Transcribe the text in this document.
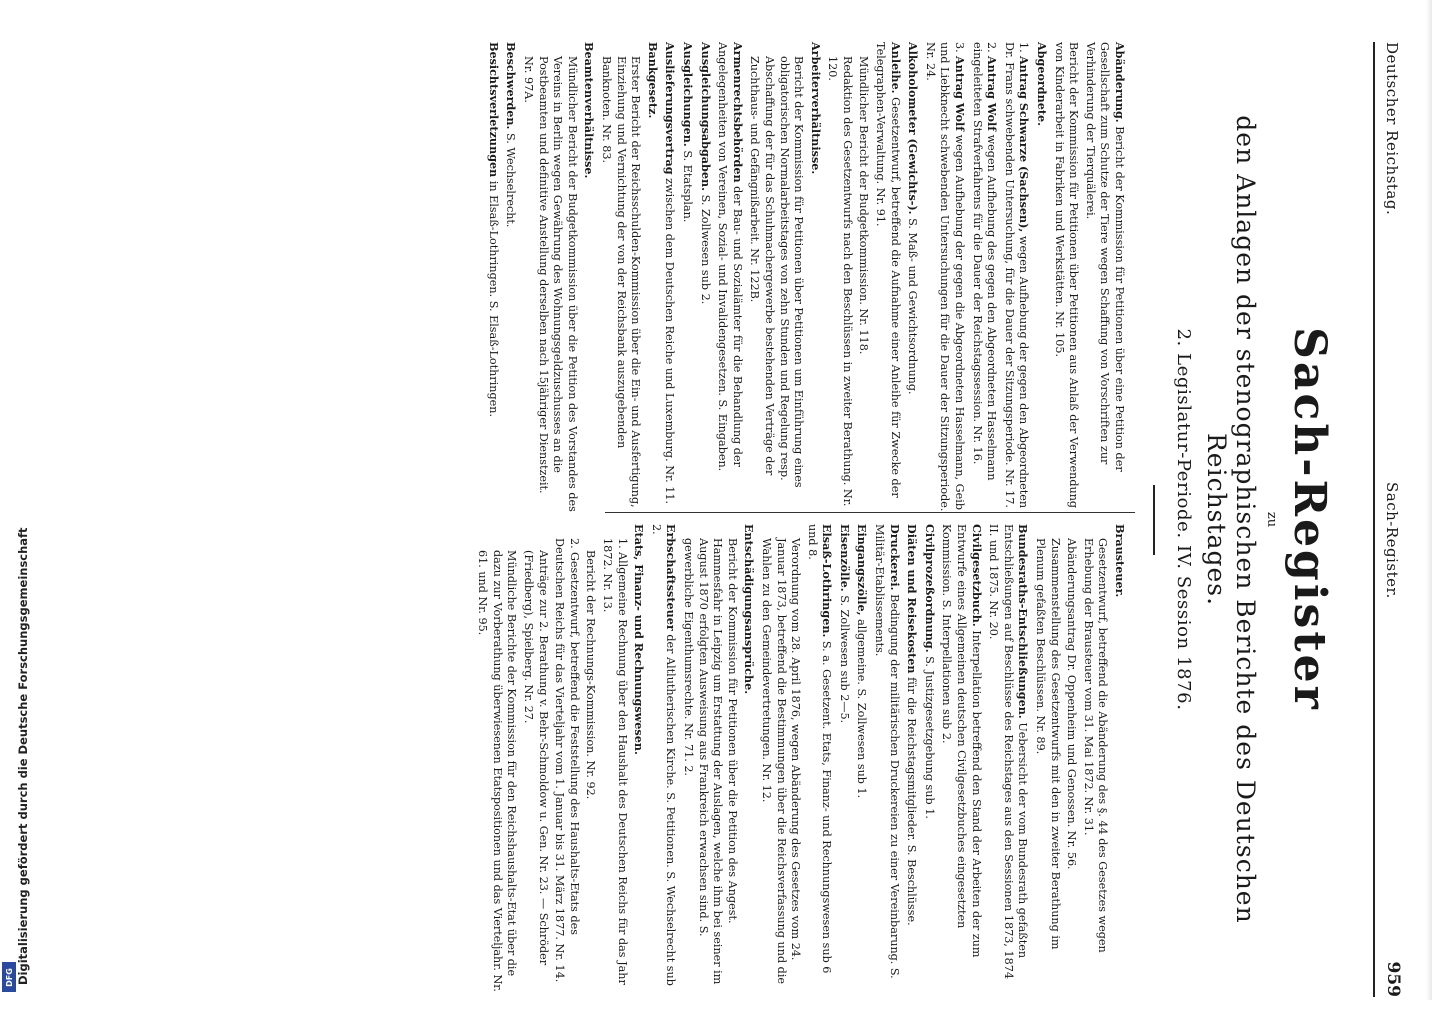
Deutscher Reichstag.
Sach-Register.
959
Sach-Register
zu
den Anlagen der stenographischen Berichte des Deutschen Reichstages.
2. Legislatur-Periode. IV. Session 1876.
Abänderung. Bericht der Kommission für Petitionen über eine Petition der Gesellschaft zum Schutze der Tiere wegen Schaffung von Vorschriften zur Verhinderung der Tierquälerei.
Bericht der Kommission für Petitionen über Petitionen aus Anlaß der Verwendung von Kinderarbeit in Fabriken und Werkstätten. Nr. 105.
Abgeordnete.
1.Antrag Schwarze (Sachsen), wegen Aufhebung der gegen den Abgeordneten Dr. Frans schwebenden Untersuchung, für die Dauer der Sitzungsperiode. Nr. 17.
2.Antrag Wolf wegen Aufhebung des gegen den Abgeordneten Hasselmann eingeleiteten Strafverfahrens für die Dauer der Reichstagssession. Nr. 16.
3.Antrag Wolf wegen Aufhebung der gegen die Abgeordneten Hasselmann, Geib und Liebknecht schwebenden Untersuchungen für die Dauer der Sitzungsperiode. Nr. 24.
Alkoholometer (Gewichts-). S. Maß- und Gewichtsordnung.
Anleihe. Gesetzentwurf, betreffend die Aufnahme einer Anleihe für Zwecke der Telegraphen-Verwaltung. Nr. 91.
Mündlicher Bericht der Budgetkommission. Nr. 118.
Redaktion des Gesetzentwurfs nach den Beschlüssen in zweiter Berathung. Nr. 120.
Arbeiterverhältnisse.
Bericht der Kommission für Petitionen über Petitionen um Einführung eines obligatorischen Normalarbeitstages von zehn Stunden und Regelung resp. Abschaffung der für das Schuhmachergewerbe bestehenden Verträge der Zuchthaus- und Gefängnißarbeit. Nr. 122B.
Armenrechtsbehörden der Bau- und Sozialämter für die Behandlung der Angelegenheiten von Vereinen, Sozial- und Invalidengesetzen. S. Eingaben.
Ausgleichungsabgaben. S. Zollwesen sub 2.
Ausgleichungen. S. Etatsplan.
Auslieferungsvertrag zwischen dem Deutschen Reiche und Luxemburg. Nr. 11.
Bankgesetz.
Erster Bericht der Reichsschulden-Kommission über die Ein- und Ausfertigung, Einziehung und Vernichtung der von der Reichsbank auszugebenden Banknoten. Nr. 83.
Beamtenverhältnisse.
Mündlicher Bericht der Budgetkommission über die Petition des Vorstandes des Vereins in Berlin wegen Gewährung des Wohnungsgeldzuschusses an die Postbeamten und definitive Anstellung derselben nach 15jähriger Dienstzeit. Nr. 97A.
Beschwerden. S. Wechselrecht.
Besichtsverletzungen in Elsaß-Lothringen. S. Elsaß-Lothringen.
Brausteuer.
Gesetzentwurf, betreffend die Abänderung des §. 44 des Gesetzes wegen Erhebung der Brausteuer vom 31. Mai 1872. Nr. 31.
Abänderungsantrag Dr. Oppenheim und Genossen. Nr. 56.
Zusammenstellung des Gesetzentwurfs mit den in zweiter Berathung im Plenum gefaßten Beschlüssen. Nr. 89.
Bundesraths-Entschließungen. Uebersicht der vom Bundesrath gefaßten Entschließungen auf Beschlüsse des Reichstages aus den Sessionen 1873, 1874 II. und 1875. Nr. 20.
Civilgesetzbuch. Interpellation betreffend den Stand der Arbeiten der zum Entwurfe eines Allgemeinen deutschen Civilgesetzbuches eingesetzten Kommission. S. Interpellationen sub 2.
Civilprozeßordnung. S. Justizgesetzgebung sub 1.
Diäten und Reisekosten für die Reichstagsmitglieder. S. Beschlüsse.
Druckerei. Bedingung der militärischen Druckereien zu einer Vereinbarung. S. Militär-Etablissements.
Eingangszölle, allgemeine. S. Zollwesen sub 1.
Eisenzölle. S. Zollwesen sub 2—5.
Elsaß-Lothringen. S. a. Gesetzent. Etats, Finanz- und Rechnungswesen sub 6 und 8.
Verordnung vom 28. April 1876, wegen Abänderung des Gesetzes vom 24. Januar 1873, betreffend die Bestimmungen über die Reichsverfassung und die Wahlen zu den Gemeindevertretungen. Nr. 12.
Entschädigungsansprüche.
Bericht der Kommission für Petitionen über die Petition des Angest. Hammesfahr in Leipzig um Erstattung der Auslagen, welche ihm bei seiner im August 1870 erfolgten Ausweisung aus Frankreich erwachsen sind. S. gewerbliche Eigenthumsrechte. Nr. 71. 2.
Erbschaftssteuer der Altlutherischen Kirche. S. Petitionen. S. Wechselrecht sub 2.
Etats, Finanz- und Rechnungswesen.
1.Allgemeine Rechnung über den Haushalt des Deutschen Reichs für das Jahr 1872. Nr. 13.
Bericht der Rechnungs-Kommission. Nr. 92.
2.Gesetzentwurf, betreffend die Feststellung des Haushalts-Etats des Deutschen Reichs für das Vierteljahr vom 1. Januar bis 31. März 1877. Nr. 14.
Anträge zur 2. Berathung v. Behr-Schmoldow u. Gen. Nr. 23. — Schröder (Friedberg), Spielberg. Nr. 27.
Mündliche Berichte der Kommission für den Reichshaushalts-Etat über die dazu zur Vorberathung überwiesenen Etatspositionen und das Vierteljahr. Nr. 61. und Nr. 95.
Digitalisierung gefördert durch die Deutsche Forschungsgemeinschaft
DFG
